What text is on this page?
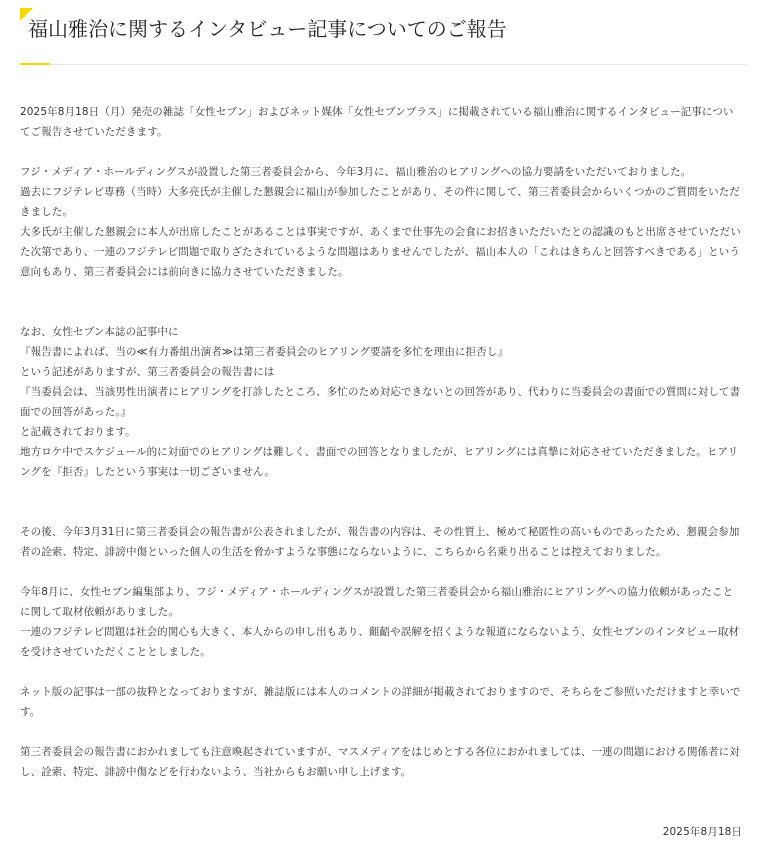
福山雅治に関するインタビュー記事についてのご報告

2025年8月18日（月）発売の雑誌「女性セブン」およびネット媒体「女性セブンプラス」に掲載されている福山雅治に関するインタビュー記事についてご報告させていただきます。

フジ・メディア・ホールディングスが設置した第三者委員会から、今年3月に、福山雅治のヒアリングへの協力要請をいただいておりました。

過去にフジテレビ専務（当時）大多亮氏が主催した懇親会に福山が参加したことがあり、その件に関して、第三者委員会からいくつかのご質問をいただきました。

大多氏が主催した懇親会に本人が出席したことがあることは事実ですが、あくまで仕事先の会食にお招きいただいたとの認識のもと出席させていただいた次第であり、一連のフジテレビ問題で取りざたされているような問題はありませんでしたが、福山本人の「これはきちんと回答すべきである」という意向もあり、第三者委員会には前向きに協力させていただきました。

なお、女性セブン本誌の記事中に

『報告書によれば、当の≪有力番組出演者≫は第三者委員会のヒアリング要請を多忙を理由に拒否し』

という記述がありますが、第三者委員会の報告書には

『当委員会は、当該男性出演者にヒアリングを打診したところ、多忙のため対応できないとの回答があり、代わりに当委員会の書面での質問に対して書面での回答があった。』

と記載されております。

地方ロケ中でスケジュール的に対面でのヒアリングは難しく、書面での回答となりましたが、ヒアリングには真摯に対応させていただきました。ヒアリングを『拒否』したという事実は一切ございません。

その後、今年3月31日に第三者委員会の報告書が公表されましたが、報告書の内容は、その性質上、極めて秘匿性の高いものであったため、懇親会参加者の詮索、特定、誹謗中傷といった個人の生活を脅かすような事態にならないように、こちらから名乗り出ることは控えておりました。

今年8月に、女性セブン編集部より、フジ・メディア・ホールディングスが設置した第三者委員会から福山雅治にヒアリングへの協力依頼があったことに関して取材依頼がありました。

一連のフジテレビ問題は社会的関心も大きく、本人からの申し出もあり、齟齬や誤解を招くような報道にならないよう、女性セブンのインタビュー取材を受けさせていただくこととしました。

ネット版の記事は一部の抜粋となっておりますが、雑誌版には本人のコメントの詳細が掲載されておりますので、そちらをご参照いただけますと幸いです。

第三者委員会の報告書におかれましても注意喚起されていますが、マスメディアをはじめとする各位におかれましては、一連の問題における関係者に対し、詮索、特定、誹謗中傷などを行わないよう、当社からもお願い申し上げます。

2025年8月18日
